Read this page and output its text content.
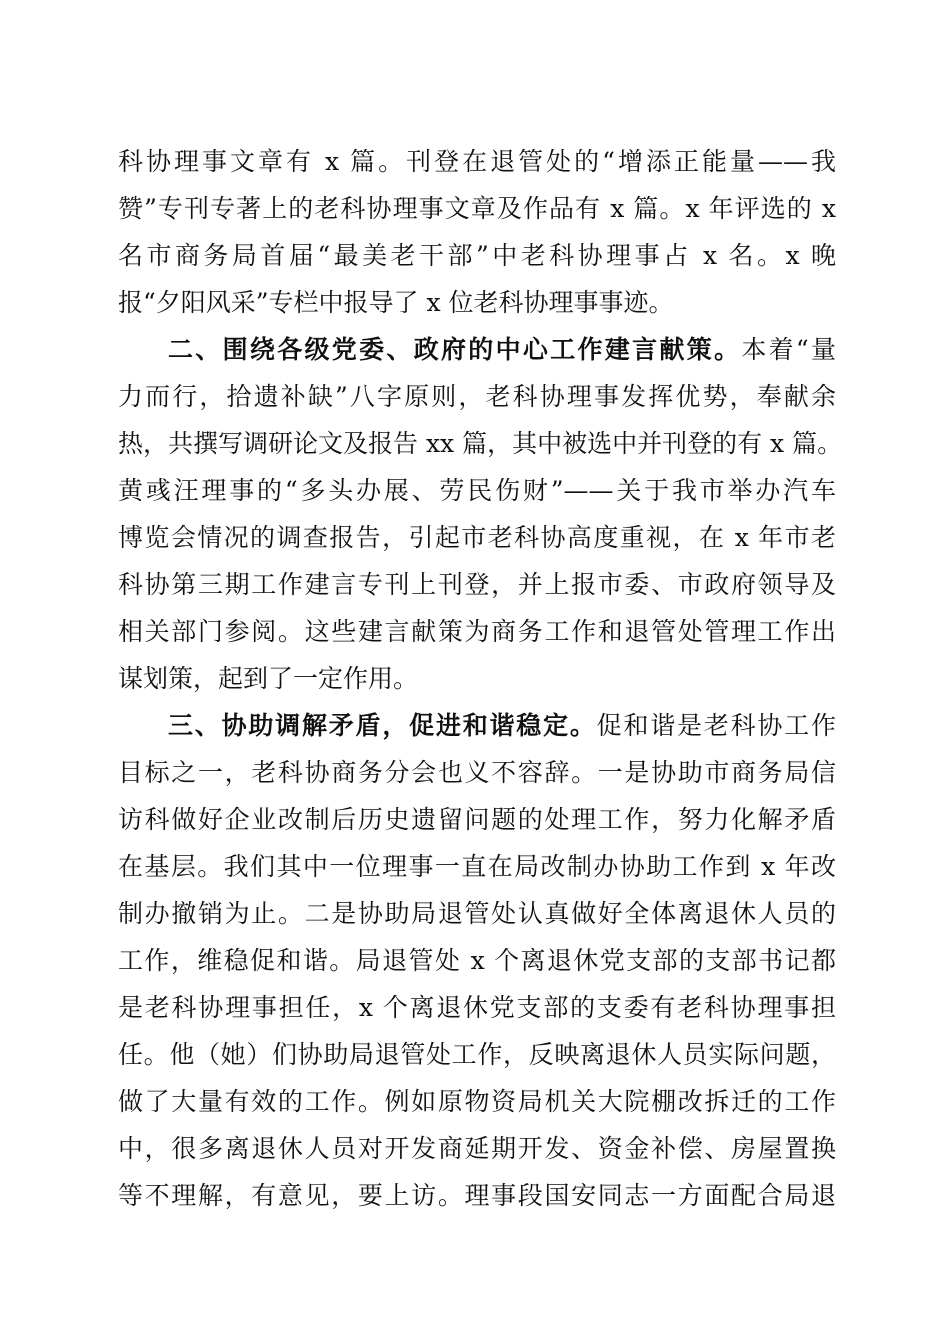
科协理事文章有 x 篇。刊登在退管处的“增添正能量——我
赞”专刊专著上的老科协理事文章及作品有 x 篇。x 年评选的 x
名市商务局首届“最美老干部”中老科协理事占 x 名。x 晚
报“夕阳风采”专栏中报导了 x 位老科协理事事迹。
二、围绕各级党委、政府的中心工作建言献策。本着“量
力而行，拾遗补缺”八字原则，老科协理事发挥优势，奉献余
热，共撰写调研论文及报告 xx 篇，其中被选中并刊登的有 x 篇。
黄彧汪理事的“多头办展、劳民伤财”——关于我市举办汽车
博览会情况的调查报告，引起市老科协高度重视，在 x 年市老
科协第三期工作建言专刊上刊登，并上报市委、市政府领导及
相关部门参阅。这些建言献策为商务工作和退管处管理工作出
谋划策，起到了一定作用。
三、协助调解矛盾，促进和谐稳定。促和谐是老科协工作
目标之一，老科协商务分会也义不容辞。一是协助市商务局信
访科做好企业改制后历史遗留问题的处理工作，努力化解矛盾
在基层。我们其中一位理事一直在局改制办协助工作到 x 年改
制办撤销为止。二是协助局退管处认真做好全体离退休人员的
工作，维稳促和谐。局退管处 x 个离退休党支部的支部书记都
是老科协理事担任，x 个离退休党支部的支委有老科协理事担
任。他（她）们协助局退管处工作，反映离退休人员实际问题，
做了大量有效的工作。例如原物资局机关大院棚改拆迁的工作
中，很多离退休人员对开发商延期开发、资金补偿、房屋置换
等不理解，有意见，要上访。理事段国安同志一方面配合局退
